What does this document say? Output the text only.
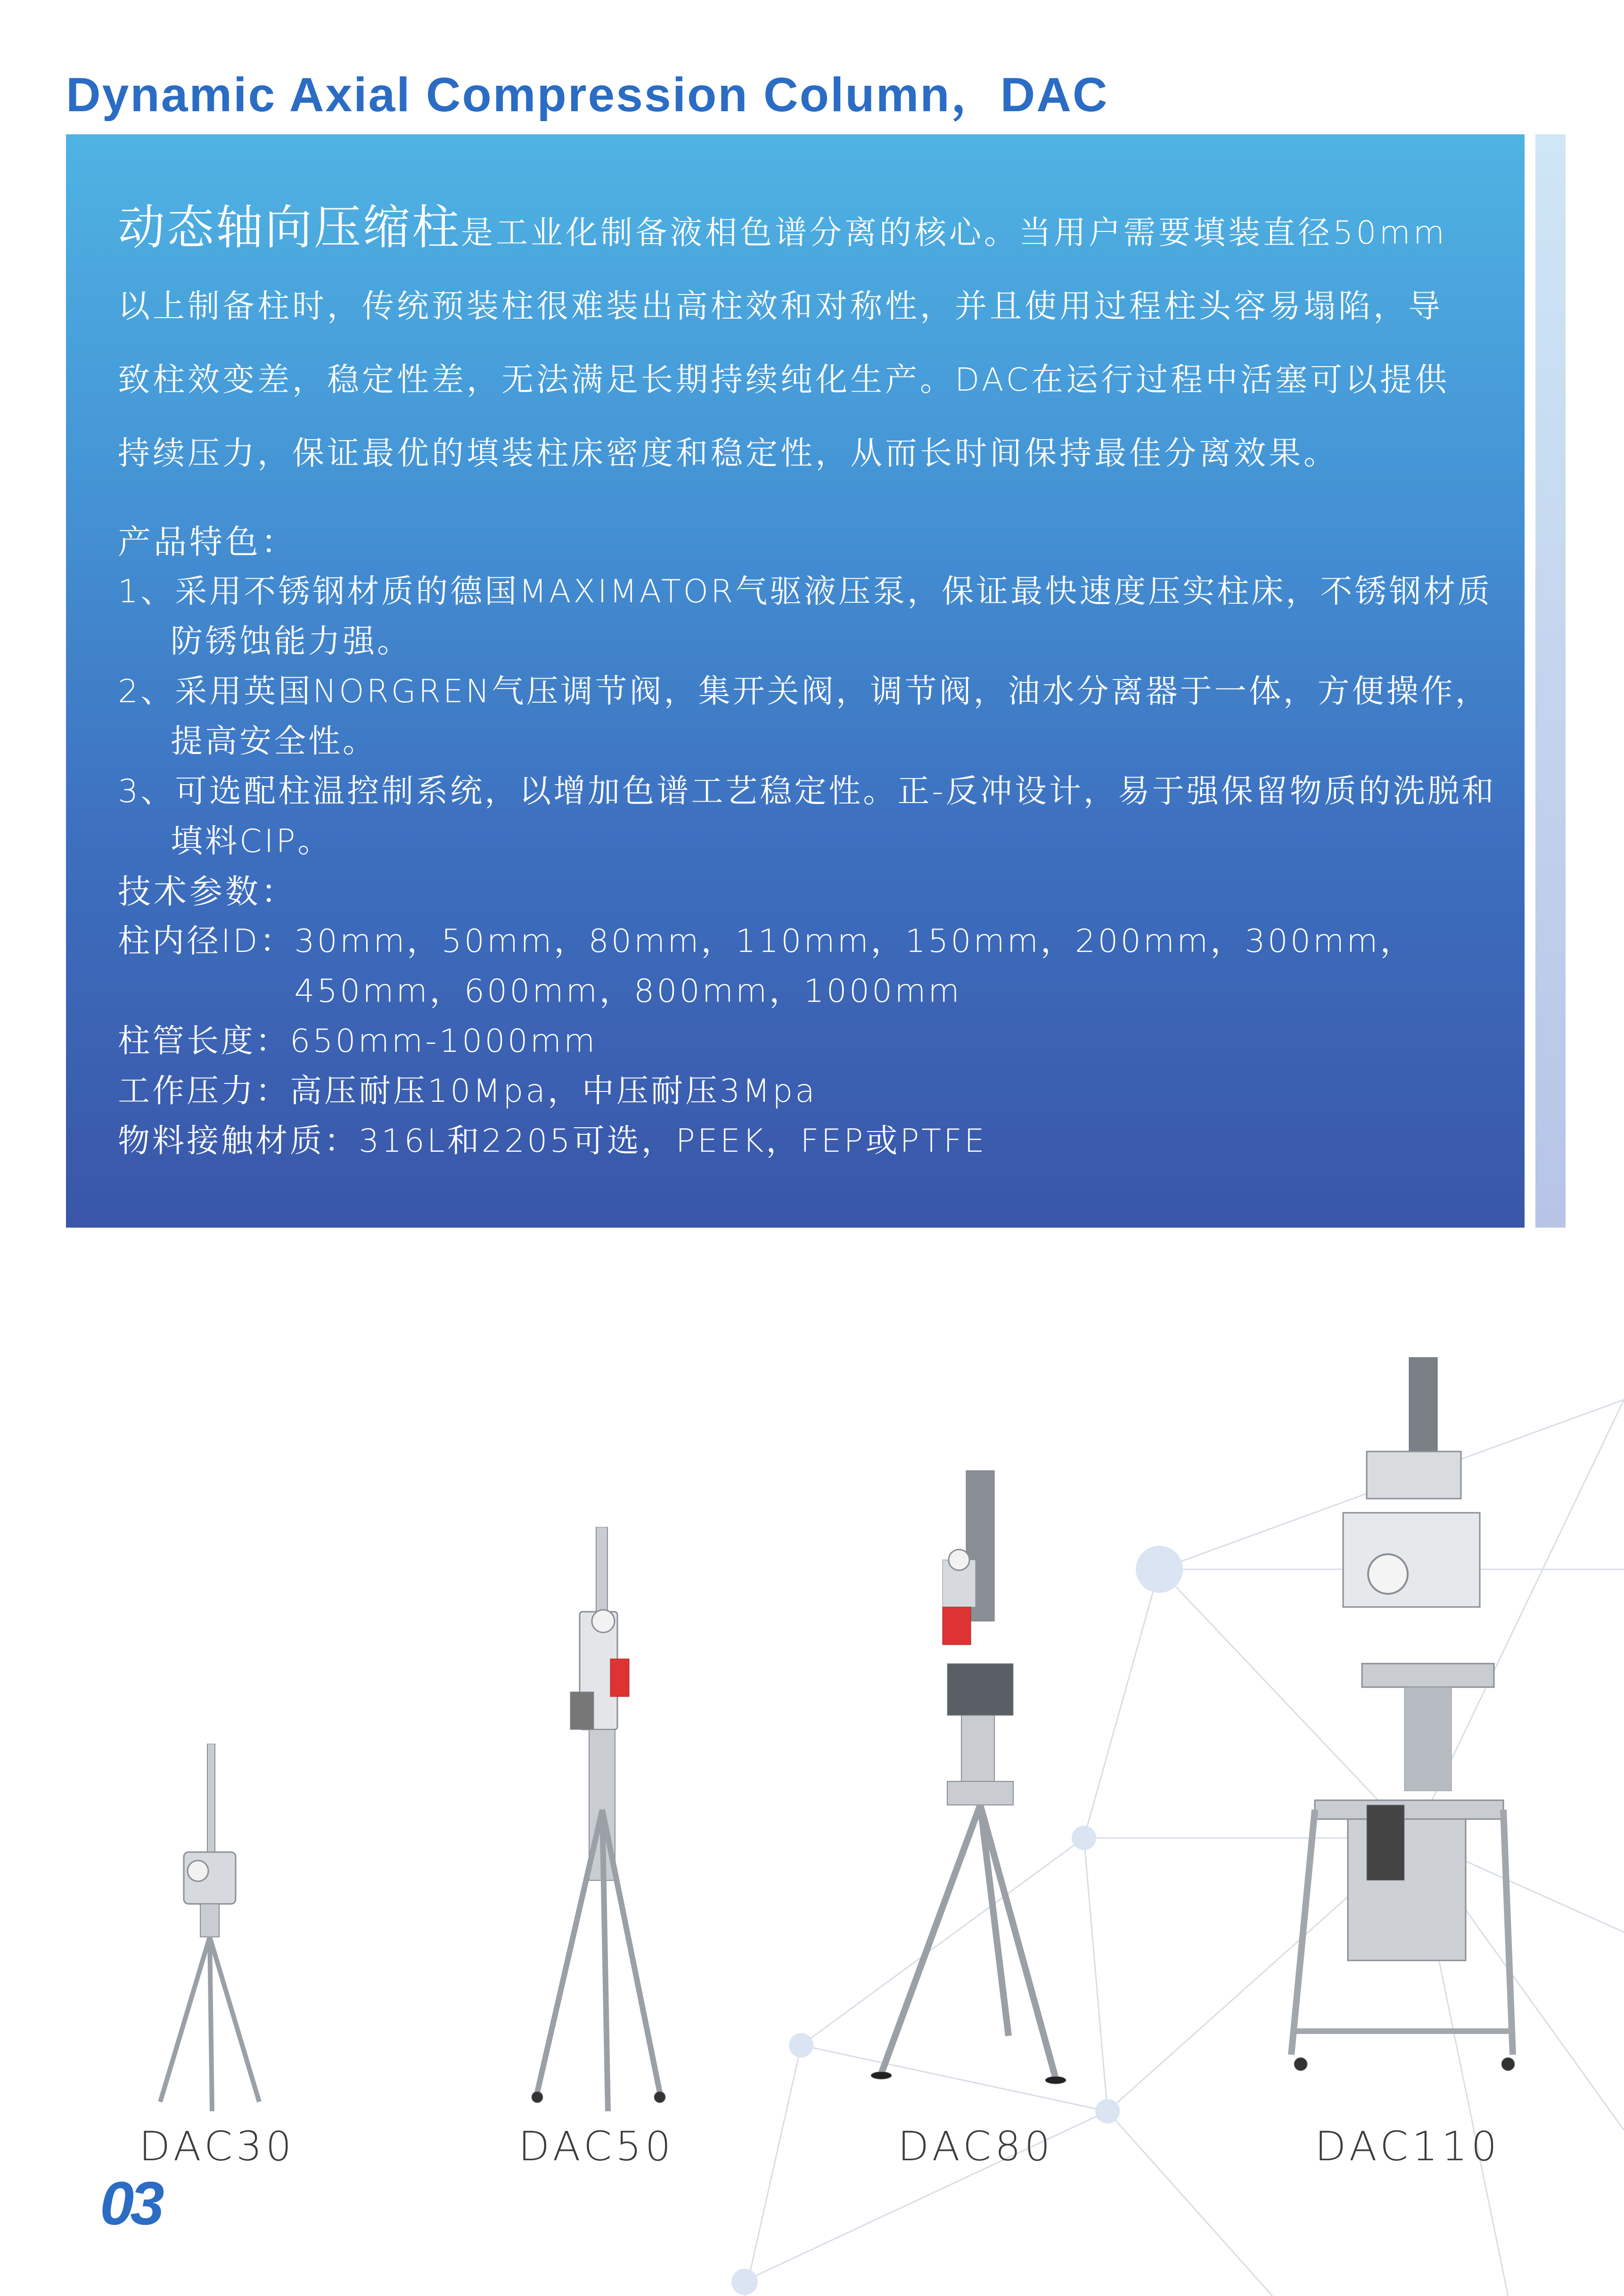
Dynamic Axial Compression Column，DAC
动态轴向压缩柱是工业化制备液相色谱分离的核心。当用户需要填装直径50mm以上制备柱时，传统预装柱很难装出高柱效和对称性，并且使用过程柱头容易塌陷，导致柱效变差，稳定性差，无法满足长期持续纯化生产。DAC在运行过程中活塞可以提供持续压力，保证最优的填装柱床密度和稳定性，从而长时间保持最佳分离效果。
产品特色：
1、采用不锈钢材质的德国MAXIMATOR气驱液压泵，保证最快速度压实柱床，不锈钢材质防锈蚀能力强。
2、采用英国NORGREN气压调节阀，集开关阀，调节阀，油水分离器于一体，方便操作，提高安全性。
3、可选配柱温控制系统，以增加色谱工艺稳定性。正-反冲设计，易于强保留物质的洗脱和填料CIP。
技术参数：
柱内径ID： 30mm，50mm，80mm，110mm，150mm，200mm，300mm，450mm，600mm，800mm，1000mm
柱管长度： 650mm-1000mm
工作压力： 高压耐压10Mpa，中压耐压3Mpa
物料接触材质： 316L和2205可选，PEEK，FEP或PTFE
DAC30	DAC50	DAC80	DAC110
03
